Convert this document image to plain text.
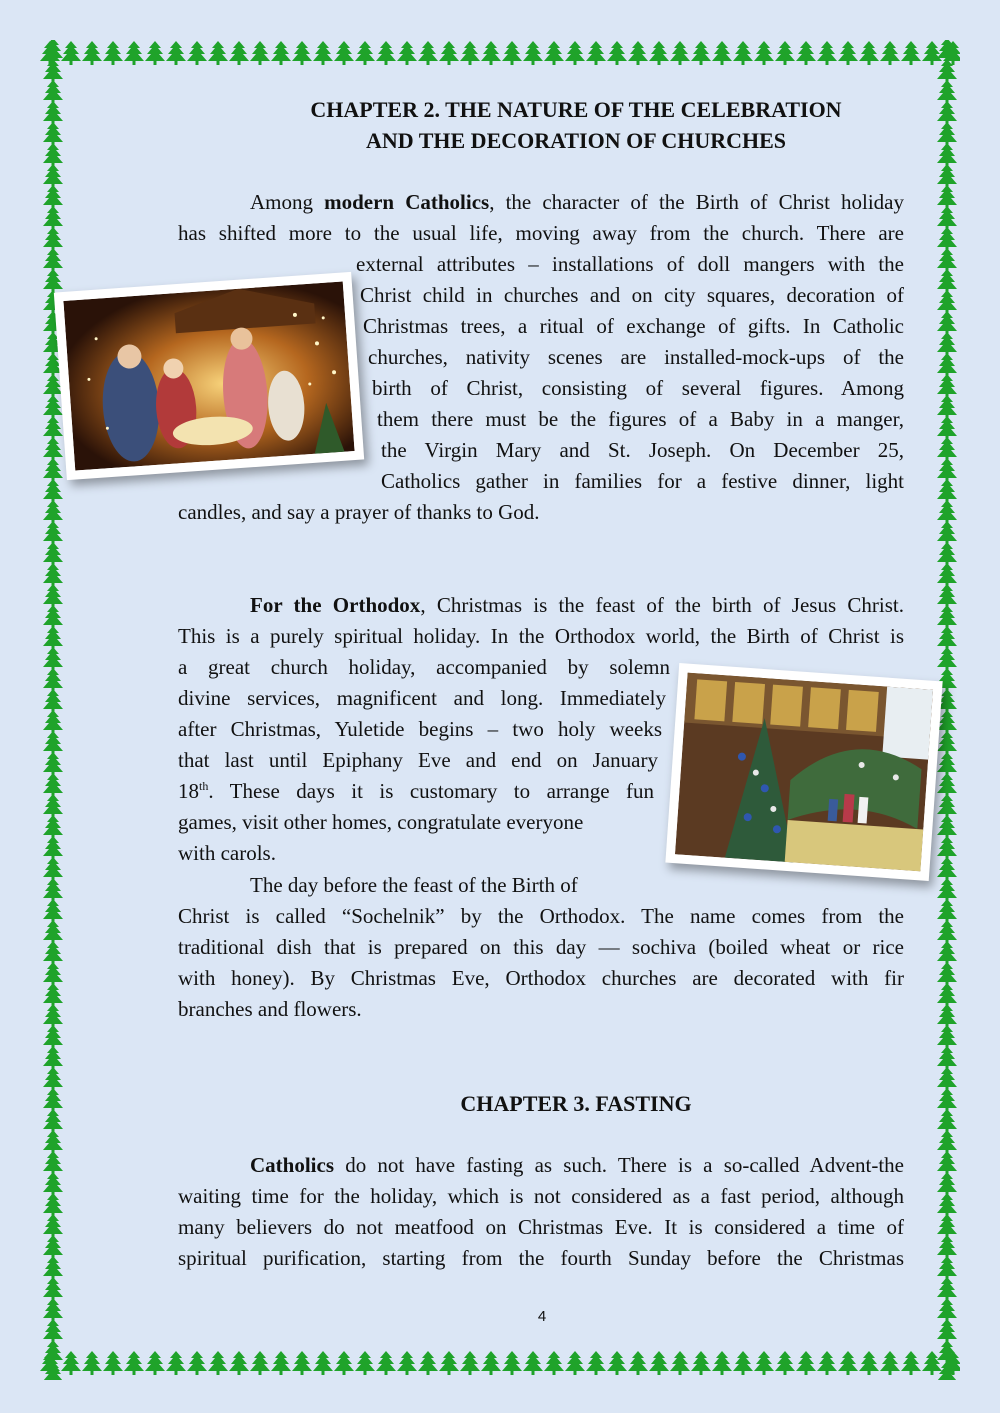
CHAPTER 2. THE NATURE OF THE CELEBRATION
AND THE DECORATION OF CHURCHES
Among modern Catholics, the character of the Birth of Christ holiday
has shifted more to the usual life, moving away from the church. There are
external attributes – installations of doll mangers with the
Christ child in churches and on city squares, decoration of
Christmas trees, a ritual of exchange of gifts. In Catholic
churches, nativity scenes are installed-mock-ups of the
birth of Christ, consisting of several figures. Among
them there must be the figures of a Baby in a manger,
the Virgin Mary and St. Joseph. On December 25,
Catholics gather in families for a festive dinner, light
candles, and say a prayer of thanks to God.
For the Orthodox, Christmas is the feast of the birth of Jesus Christ.
This is a purely spiritual holiday. In the Orthodox world, the Birth of Christ is
a great church holiday, accompanied by solemn
divine services, magnificent and long. Immediately
after Christmas, Yuletide begins – two holy weeks
that last until Epiphany Eve and end on January
18th. These days it is customary to arrange fun
games, visit other homes, congratulate everyone
with carols.
The day before the feast of the Birth of
Christ is called “Sochelnik” by the Orthodox. The name comes from the
traditional dish that is prepared on this day — sochiva (boiled wheat or rice
with honey). By Christmas Eve, Orthodox churches are decorated with fir
branches and flowers.
CHAPTER 3. FASTING
Catholics do not have fasting as such. There is a so-called Advent-the
waiting time for the holiday, which is not considered as a fast period, although
many believers do not meatfood on Christmas Eve. It is considered a time of
spiritual purification, starting from the fourth Sunday before the Christmas
4
